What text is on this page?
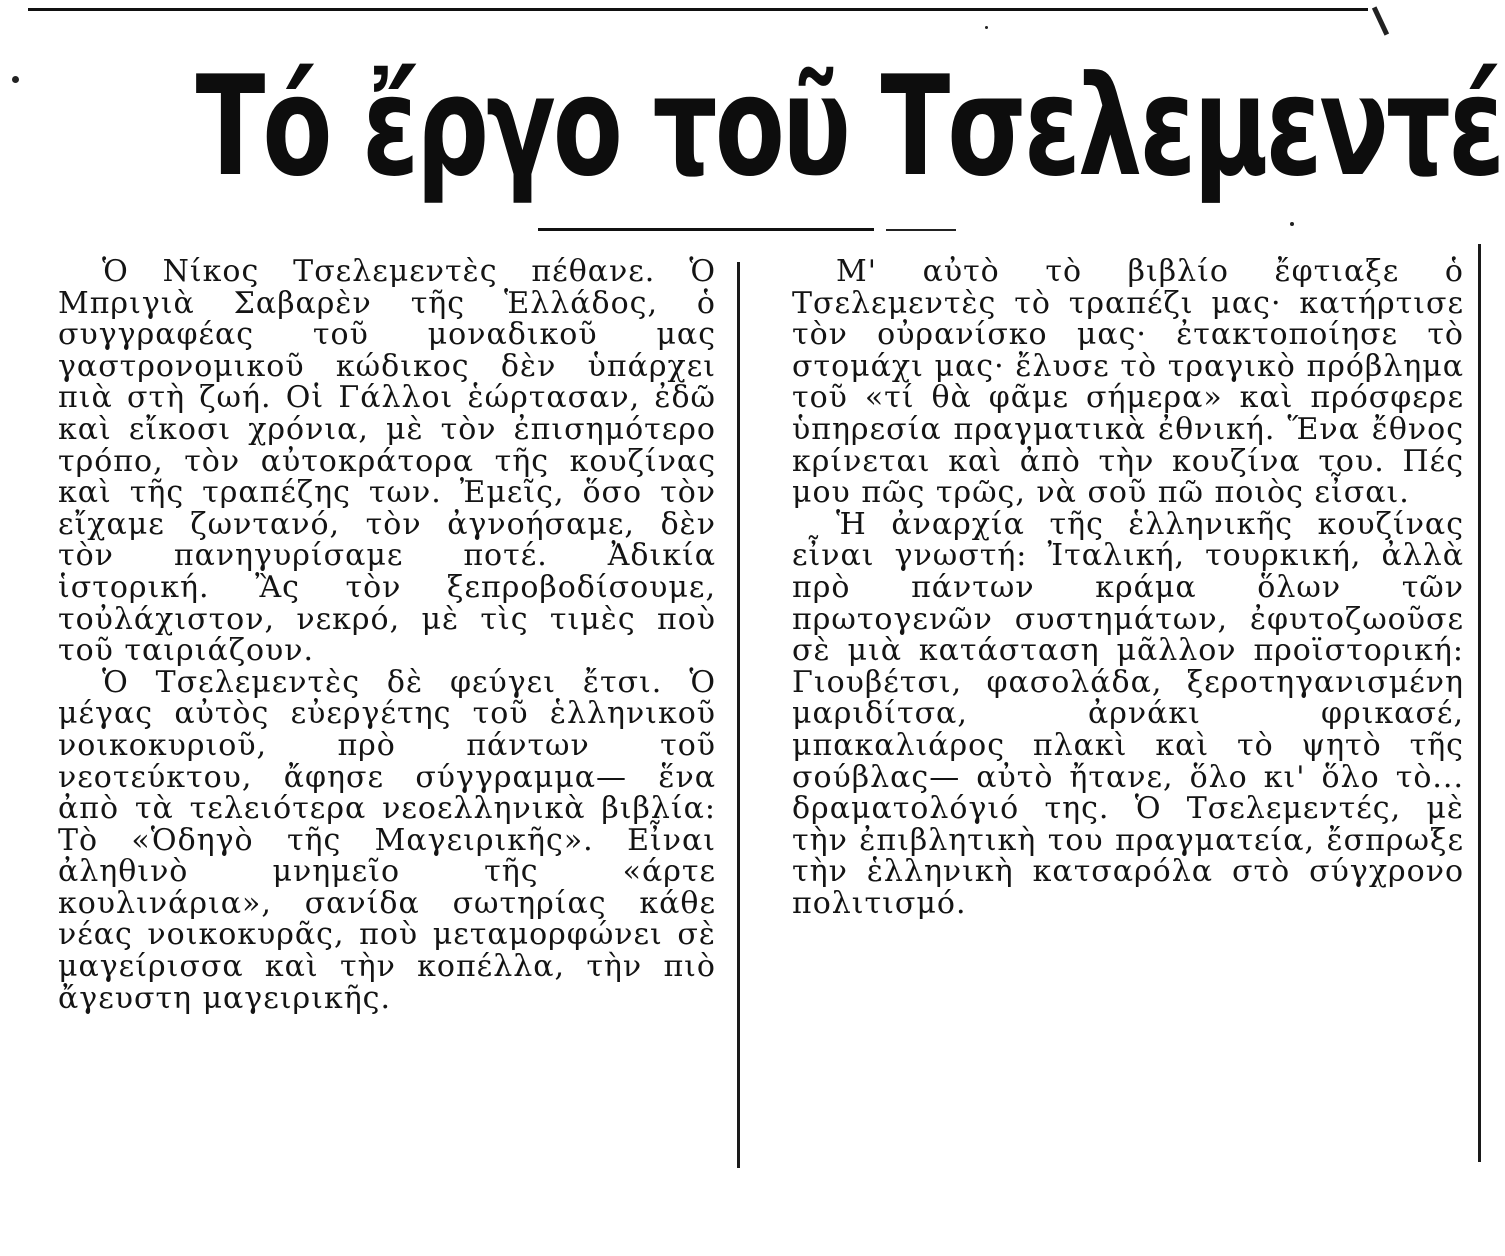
Τό ἔργο τοῦ Τσελεμεντέ

Ὁ Νίκος Τσελεμεντὲς πέθανε. Ὁ Μπριγιὰ Σαβαρὲν τῆς Ἑλλάδος, ὁ συγγραφέας τοῦ μοναδικοῦ μας γαστρονομικοῦ κώδικος δὲν ὑπάρχει πιὰ στὴ ζωή. Οἱ Γάλλοι ἑώρτασαν, ἐδῶ καὶ εἴκοσι χρόνια, μὲ τὸν ἐπισημότερο τρόπο, τὸν αὐτοκράτορα τῆς κουζίνας καὶ τῆς τραπέζης των. Ἐμεῖς, ὅσο τὸν εἴχαμε ζωντανό, τὸν ἀγνοήσαμε, δὲν τὸν πανηγυρίσαμε ποτέ. Ἀδικία ἱστορική. Ἂς τὸν ξεπροβοδίσουμε, τοὐλάχιστον, νεκρό, μὲ τὶς τιμὲς ποὺ τοῦ ταιριάζουν.

Ὁ Τσελεμεντὲς δὲ φεύγει ἔτσι. Ὁ μέγας αὐτὸς εὐεργέτης τοῦ ἑλληνικοῦ νοικοκυριοῦ, πρὸ πάντων τοῦ νεοτεύκτου, ἄφησε σύγγραμμα— ἕνα ἀπὸ τὰ τελειότερα νεοελληνικὰ βιβλία: Τὸ «Ὁδηγὸ τῆς Μαγειρικῆς». Εἶναι ἀληθινὸ μνημεῖο τῆς «άρτε κουλινάρια», σανίδα σωτηρίας κάθε νέας νοικοκυρᾶς, ποὺ μεταμορφώνει σὲ μαγείρισσα καὶ τὴν κοπέλλα, τὴν πιὸ ἄγευστη μαγειρικῆς.

Μ' αὐτὸ τὸ βιβλίο ἔφτιαξε ὁ Τσελεμεντὲς τὸ τραπέζι μας· κατήρτισε τὸν οὐρανίσκο μας· ἐτακτοποίησε τὸ στομάχι μας· ἔλυσε τὸ τραγικὸ πρόβλημα τοῦ «τί θὰ φᾶμε σήμερα» καὶ πρόσφερε ὑπηρεσία πραγματικὰ ἐθνική. Ἕνα ἔθνος κρίνεται καὶ ἀπὸ τὴν κουζίνα του. Πές μου πῶς τρῶς, νὰ σοῦ πῶ ποιὸς εἶσαι.

Ἡ ἀναρχία τῆς ἑλληνικῆς κουζίνας εἶναι γνωστή: Ἰταλική, τουρκική, ἀλλὰ πρὸ πάντων κράμα ὅλων τῶν πρωτογενῶν συστημάτων, ἐφυτοζωοῦσε σὲ μιὰ κατάσταση μᾶλλον προϊστορική: Γιουβέτσι, φασολάδα, ξεροτηγανισμένη μαριδίτσα, ἀρνάκι φρικασέ, μπακαλιάρος πλακὶ καὶ τὸ ψητὸ τῆς σούβλας— αὐτὸ ἤτανε, ὅλο κι' ὅλο τὸ... δραματολόγιό της. Ὁ Τσελεμεντές, μὲ τὴν ἐπιβλητικὴ του πραγματεία, ἔσπρωξε τὴν ἑλληνικὴ κατσαρόλα στὸ σύγχρονο πολιτισμό.
